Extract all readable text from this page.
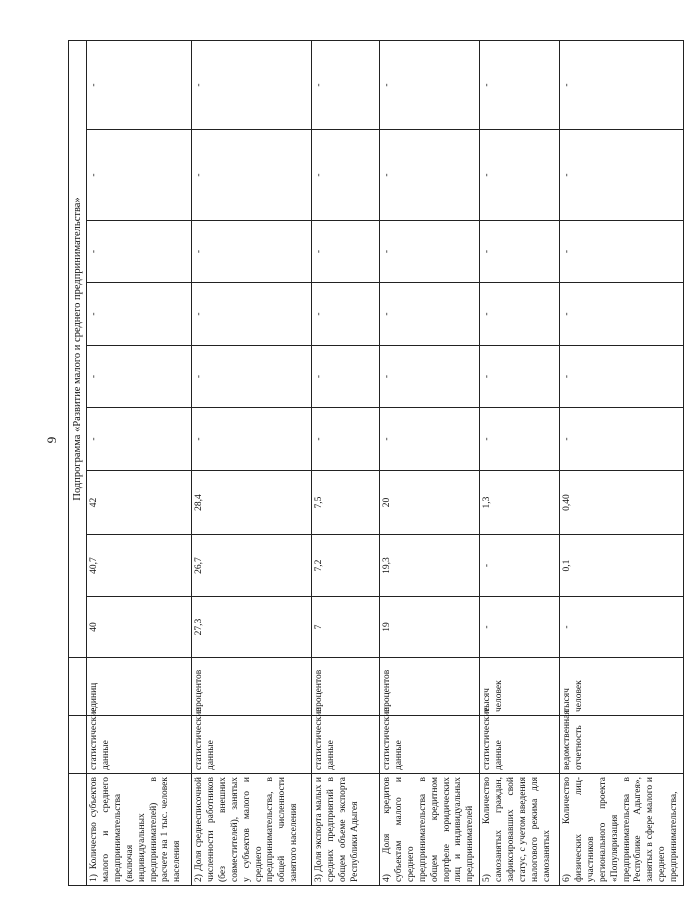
9
			Подпрограмма «Развитие малого и среднего предпринимательства»								
1) Количество субъектов малого и среднего предпринимательства (включая индивидуальных предпринимателей) в расчете на 1 тыс. человек населения	статистические данные	единиц	40	40,7	42	-	-	-	-	-	-
2) Доля среднесписочной численности работников (без внешних совместителей), занятых у субъектов малого и среднего предпринимательства, в общей численности занятого населения	статистические данные	процентов	27,3	26,7	28,4	-	-	-	-	-	-
3) Доля экспорта малых и средних предприятий в общем объеме экспорта Республики Адыгея	статистические данные	процентов	7	7,2	7,5	-	-	-	-	-	-
4) Доля кредитов субъектам малого и среднего предпринимательства в общем кредитном портфеле юридических лиц и индивидуальных предпринимателей	статистические данные	процентов	19	19,3	20	-	-	-	-	-	-
5) Количество самозанятых граждан, зафиксировавших свой статус, с учетом введения налогового режима для самозанятых	статистические данные	тысяч человек	-	-	1,3	-	-	-	-	-	-
6) Количество физических лиц-участников регионального проекта «Популяризация предпринимательства в Республике Адыгея», занятых в сфере малого и среднего предпринимательства,	ведомственная отчетность	тысяч человек	-	0,1	0,40	-	-	-	-	-	-
